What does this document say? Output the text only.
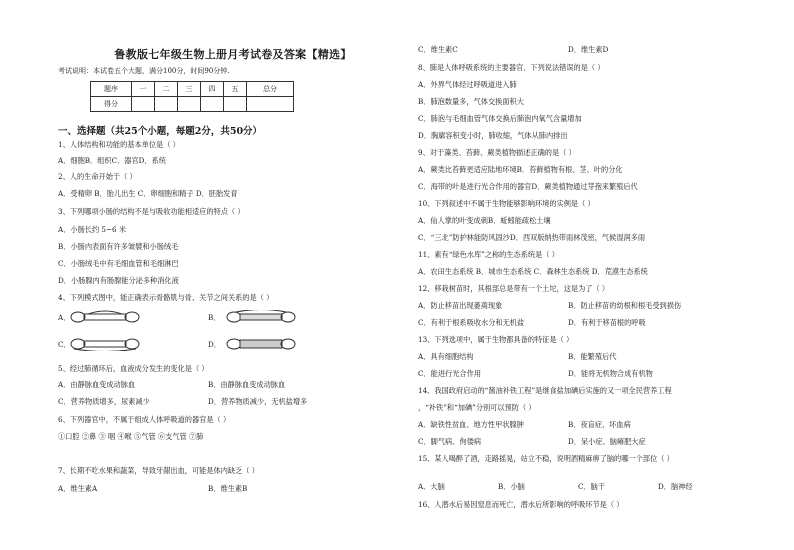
鲁教版七年级生物上册月考试卷及答案【精选】
考试说明：本试卷五个大题，满分100分，时间90分钟.
题序	一	二	三	四	五	总分
得分						
一、选择题（共25个小题，每题2分，共50分）
1、人体结构和功能的基本单位是（ ）
A．细胞B．组织C．器官D．系统
2、人的生命开始于（ ）
A．受精卵 B．胎儿出生 C．卵细胞和精子 D．胚胎发育
3、下列哪项小肠的结构不是与吸收功能相适应的特点（ ）
A．小肠长约 5~6 米
B．小肠内表面有许多皱襞和小肠绒毛
C．小肠绒毛中有毛细血管和毛细淋巴
D．小肠腺内有肠腺能分泌多种消化液
4、下列模式图中，能正确表示骨骼肌与骨、关节之间关系的是（ ）
A．	B．
C．	D．
5、经过肺循环后，血液成分发生的变化是（ ）
A．由静脉血变成动脉血	B．由静脉血变成动脉血
C．营养物质增多，尿素减少	D．营养物质减少，无机盐增多
6、下列器官中，不属于组成人体呼吸道的器官是（ ）
①口腔 ②鼻 ③ 咽 ④喉 ⑤气管 ⑥支气管 ⑦肺
7、长期不吃水果和蔬菜，导致牙龈出血，可能是体内缺乏（ ）
A．维生素A	B．维生素B
C．维生素C	D．维生素D
8、肺是人体呼吸系统的主要器官．下列说法错误的是（ ）
A．外界气体经过呼吸道进入肺
B．肺泡数量多，气体交换面积大
C．肺泡与毛细血管气体交换后肺泡内氧气含量增加
D．胸廓容积变小时，肺收缩，气体从肺内排出
9、对于藻类、苔藓、蕨类植物描述正确的是（ ）
A．蕨类比苔藓更适应陆地环境B．苔藓植物有根、茎、叶的分化
C．海带的叶是进行光合作用的器官D．蕨类植物通过芽孢来繁殖后代
10、下列叙述中不属于生物能够影响环境的实例是（ ）
A．仙人掌的叶变成刺B．蚯蚓能疏松土壤
C．“三北”防护林能防风固沙D．西双版纳热带雨林茂密，气候湿润多雨
11、素有“绿色水库”之称的生态系统是（ ）
A．农田生态系统 B．城市生态系统 C．森林生态系统 D．荒漠生态系统
12、移栽树苗时，其根部总是带有一个土坨，这是为了（ ）
A．防止移苗出现萎蔫现象	B．防止移苗的幼根和根毛受到损伤
C．有利于根系吸收水分和无机盐	D．有利于移苗根的呼吸
13、下列选项中，属于生物都具备的特征是（ ）
A．具有细胞结构	B．能繁殖后代
C．能进行光合作用	D．能将无机物合成有机物
14、我国政府启动的“酱油补铁工程”是继食盐加碘后实施的又一项全民营养工程
，“补铁”和“加碘”分别可以预防（ ）
A．缺铁性贫血、地方性甲状腺肿	B．夜盲症、坏血病
C．脚气病、佝偻病	D．呆小症、脑瘫肥大症
15、某人喝醉了酒，走路摇晃，站立不稳，说明酒精麻痹了脑的哪一个部位（ ）
A．大脑	B．小脑	C．脑干	D．脑神经
16、人潜水后易因窒息而死亡，潜水后所影响的呼吸环节是（ ）
